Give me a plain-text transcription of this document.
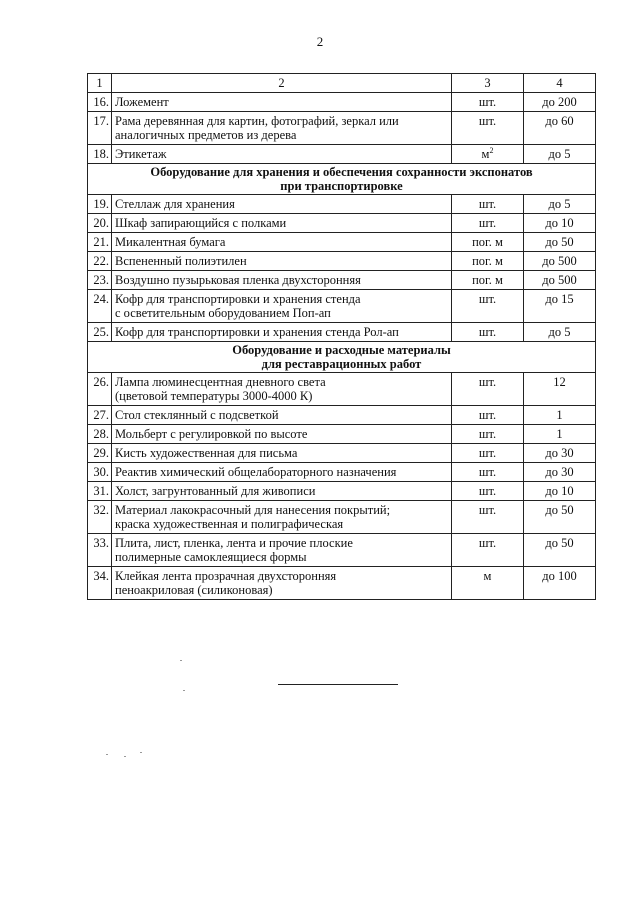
2
1	2	3	4
16.	Ложемент	шт.	до 200
17.	Рама деревянная для картин, фотографий, зеркал или
аналогичных предметов из дерева	шт.	до 60
18.	Этикетаж	$м^2$	до 5

Оборудование для хранения и обеспечения сохранности экспонатов
при транспортировке			

19.	Стеллаж для хранения	шт.	до 5
20.	Шкаф запирающийся с полками	шт.	до 10
21.	Микалентная бумага	пог. м	до 50
22.	Вспененный полиэтилен	пог. м	до 500
23.	Воздушно пузырьковая пленка двухсторонняя	пог. м	до 500
24.	Кофр для транспортировки и хранения стенда
с осветительным оборудованием Поп-ап	шт.	до 15
25.	Кофр для транспортировки и хранения стенда Рол-ап	шт.	до 5

Оборудование и расходные материалы
для реставрационных работ			

26.	Лампа люминесцентная дневного света
(цветовой температуры 3000-4000 К)	шт.	12
27.	Стол стеклянный с подсветкой	шт.	1
28.	Мольберт с регулировкой по высоте	шт.	1
29.	Кисть художественная для письма	шт.	до 30
30.	Реактив химический общелабораторного назначения	шт.	до 30
31.	Холст, загрунтованный для живописи	шт.	до 10
32.	Материал лакокрасочный для нанесения покрытий;
краска художественная и полиграфическая	шт.	до 50
33.	Плита, лист, пленка, лента и прочие плоские
полимерные самоклеящиеся формы	шт.	до 50
34.	Клейкая лента прозрачная двухсторонняя
пеноакриловая (силиконовая)	м	до 100
